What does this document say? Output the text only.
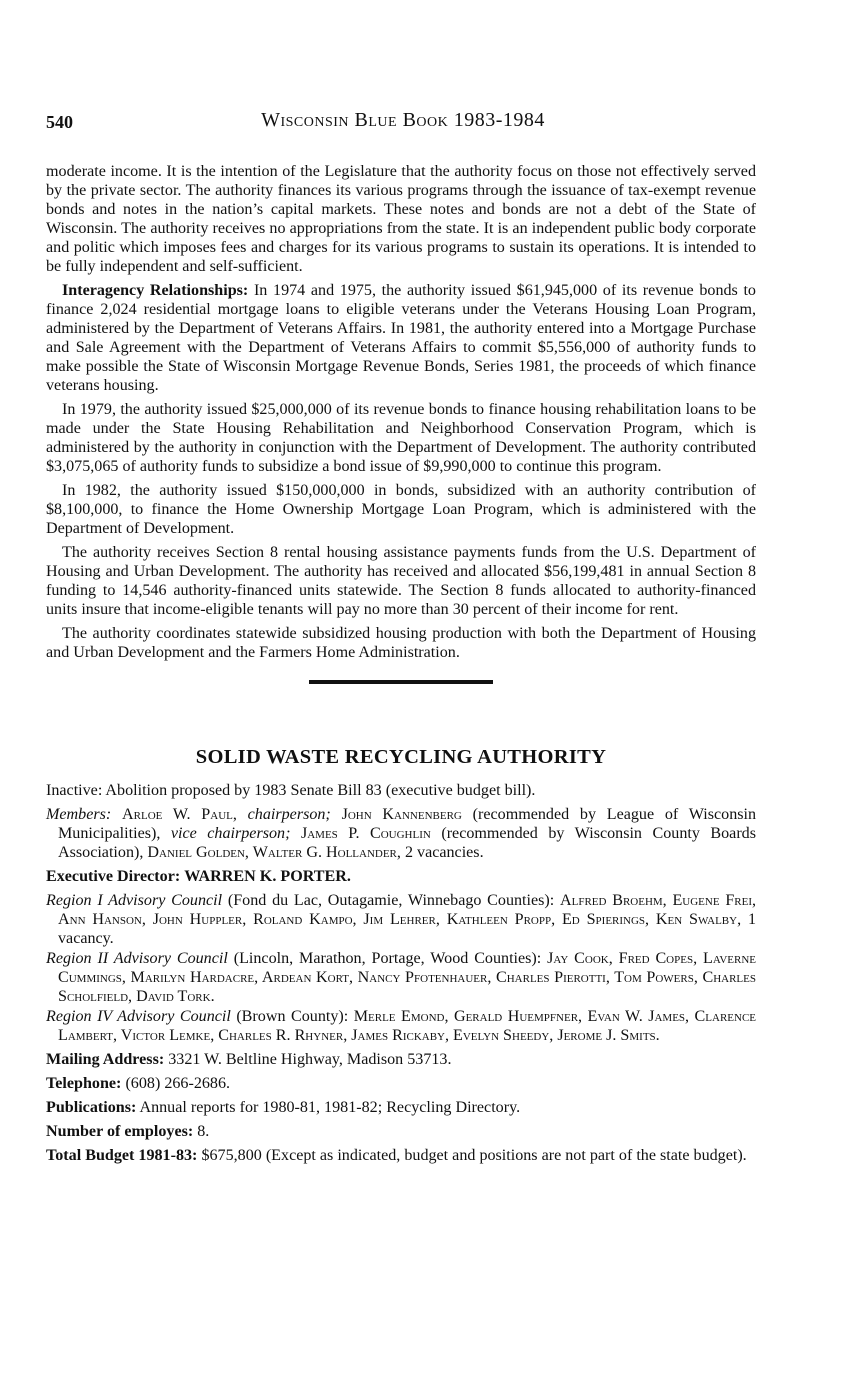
540	Wisconsin Blue Book 1983-1984

moderate income. It is the intention of the Legislature that the authority focus on those not effectively served by the private sector. The authority finances its various programs through the issuance of tax-exempt revenue bonds and notes in the nation’s capital markets. These notes and bonds are not a debt of the State of Wisconsin. The authority receives no appropriations from the state. It is an independent public body corporate and politic which imposes fees and charges for its various programs to sustain its operations. It is intended to be fully independent and self-sufficient.

Interagency Relationships: In 1974 and 1975, the authority issued $61,945,000 of its revenue bonds to finance 2,024 residential mortgage loans to eligible veterans under the Veterans Housing Loan Program, administered by the Department of Veterans Affairs. In 1981, the authority entered into a Mortgage Purchase and Sale Agreement with the Department of Veterans Affairs to commit $5,556,000 of authority funds to make possible the State of Wisconsin Mortgage Revenue Bonds, Series 1981, the proceeds of which finance veterans housing.

In 1979, the authority issued $25,000,000 of its revenue bonds to finance housing rehabilitation loans to be made under the State Housing Rehabilitation and Neighborhood Conservation Program, which is administered by the authority in conjunction with the Department of Development. The authority contributed $3,075,065 of authority funds to subsidize a bond issue of $9,990,000 to continue this program.

In 1982, the authority issued $150,000,000 in bonds, subsidized with an authority contribution of $8,100,000, to finance the Home Ownership Mortgage Loan Program, which is administered with the Department of Development.

The authority receives Section 8 rental housing assistance payments funds from the U.S. Department of Housing and Urban Development. The authority has received and allocated $56,199,481 in annual Section 8 funding to 14,546 authority-financed units statewide. The Section 8 funds allocated to authority-financed units insure that income-eligible tenants will pay no more than 30 percent of their income for rent.

The authority coordinates statewide subsidized housing production with both the Department of Housing and Urban Development and the Farmers Home Administration.

SOLID WASTE RECYCLING AUTHORITY

Inactive: Abolition proposed by 1983 Senate Bill 83 (executive budget bill).

Members: Arloe W. Paul, chairperson; John Kannenberg (recommended by League of Wisconsin Municipalities), vice chairperson; James P. Coughlin (recommended by Wisconsin County Boards Association), Daniel Golden, Walter G. Hollander, 2 vacancies.

Executive Director: WARREN K. PORTER.

Region I Advisory Council (Fond du Lac, Outagamie, Winnebago Counties): Alfred Broehm, Eugene Frei, Ann Hanson, John Huppler, Roland Kampo, Jim Lehrer, Kathleen Propp, Ed Spierings, Ken Swalby, 1 vacancy.

Region II Advisory Council (Lincoln, Marathon, Portage, Wood Counties): Jay Cook, Fred Copes, Laverne Cummings, Marilyn Hardacre, Ardean Kort, Nancy Pfotenhauer, Charles Pierotti, Tom Powers, Charles Scholfield, David Tork.

Region IV Advisory Council (Brown County): Merle Emond, Gerald Huempfner, Evan W. James, Clarence Lambert, Victor Lemke, Charles R. Rhyner, James Rickaby, Evelyn Sheedy, Jerome J. Smits.

Mailing Address: 3321 W. Beltline Highway, Madison 53713.

Telephone: (608) 266-2686.

Publications: Annual reports for 1980-81, 1981-82; Recycling Directory.

Number of employes: 8.

Total Budget 1981-83: $675,800 (Except as indicated, budget and positions are not part of the state budget).
